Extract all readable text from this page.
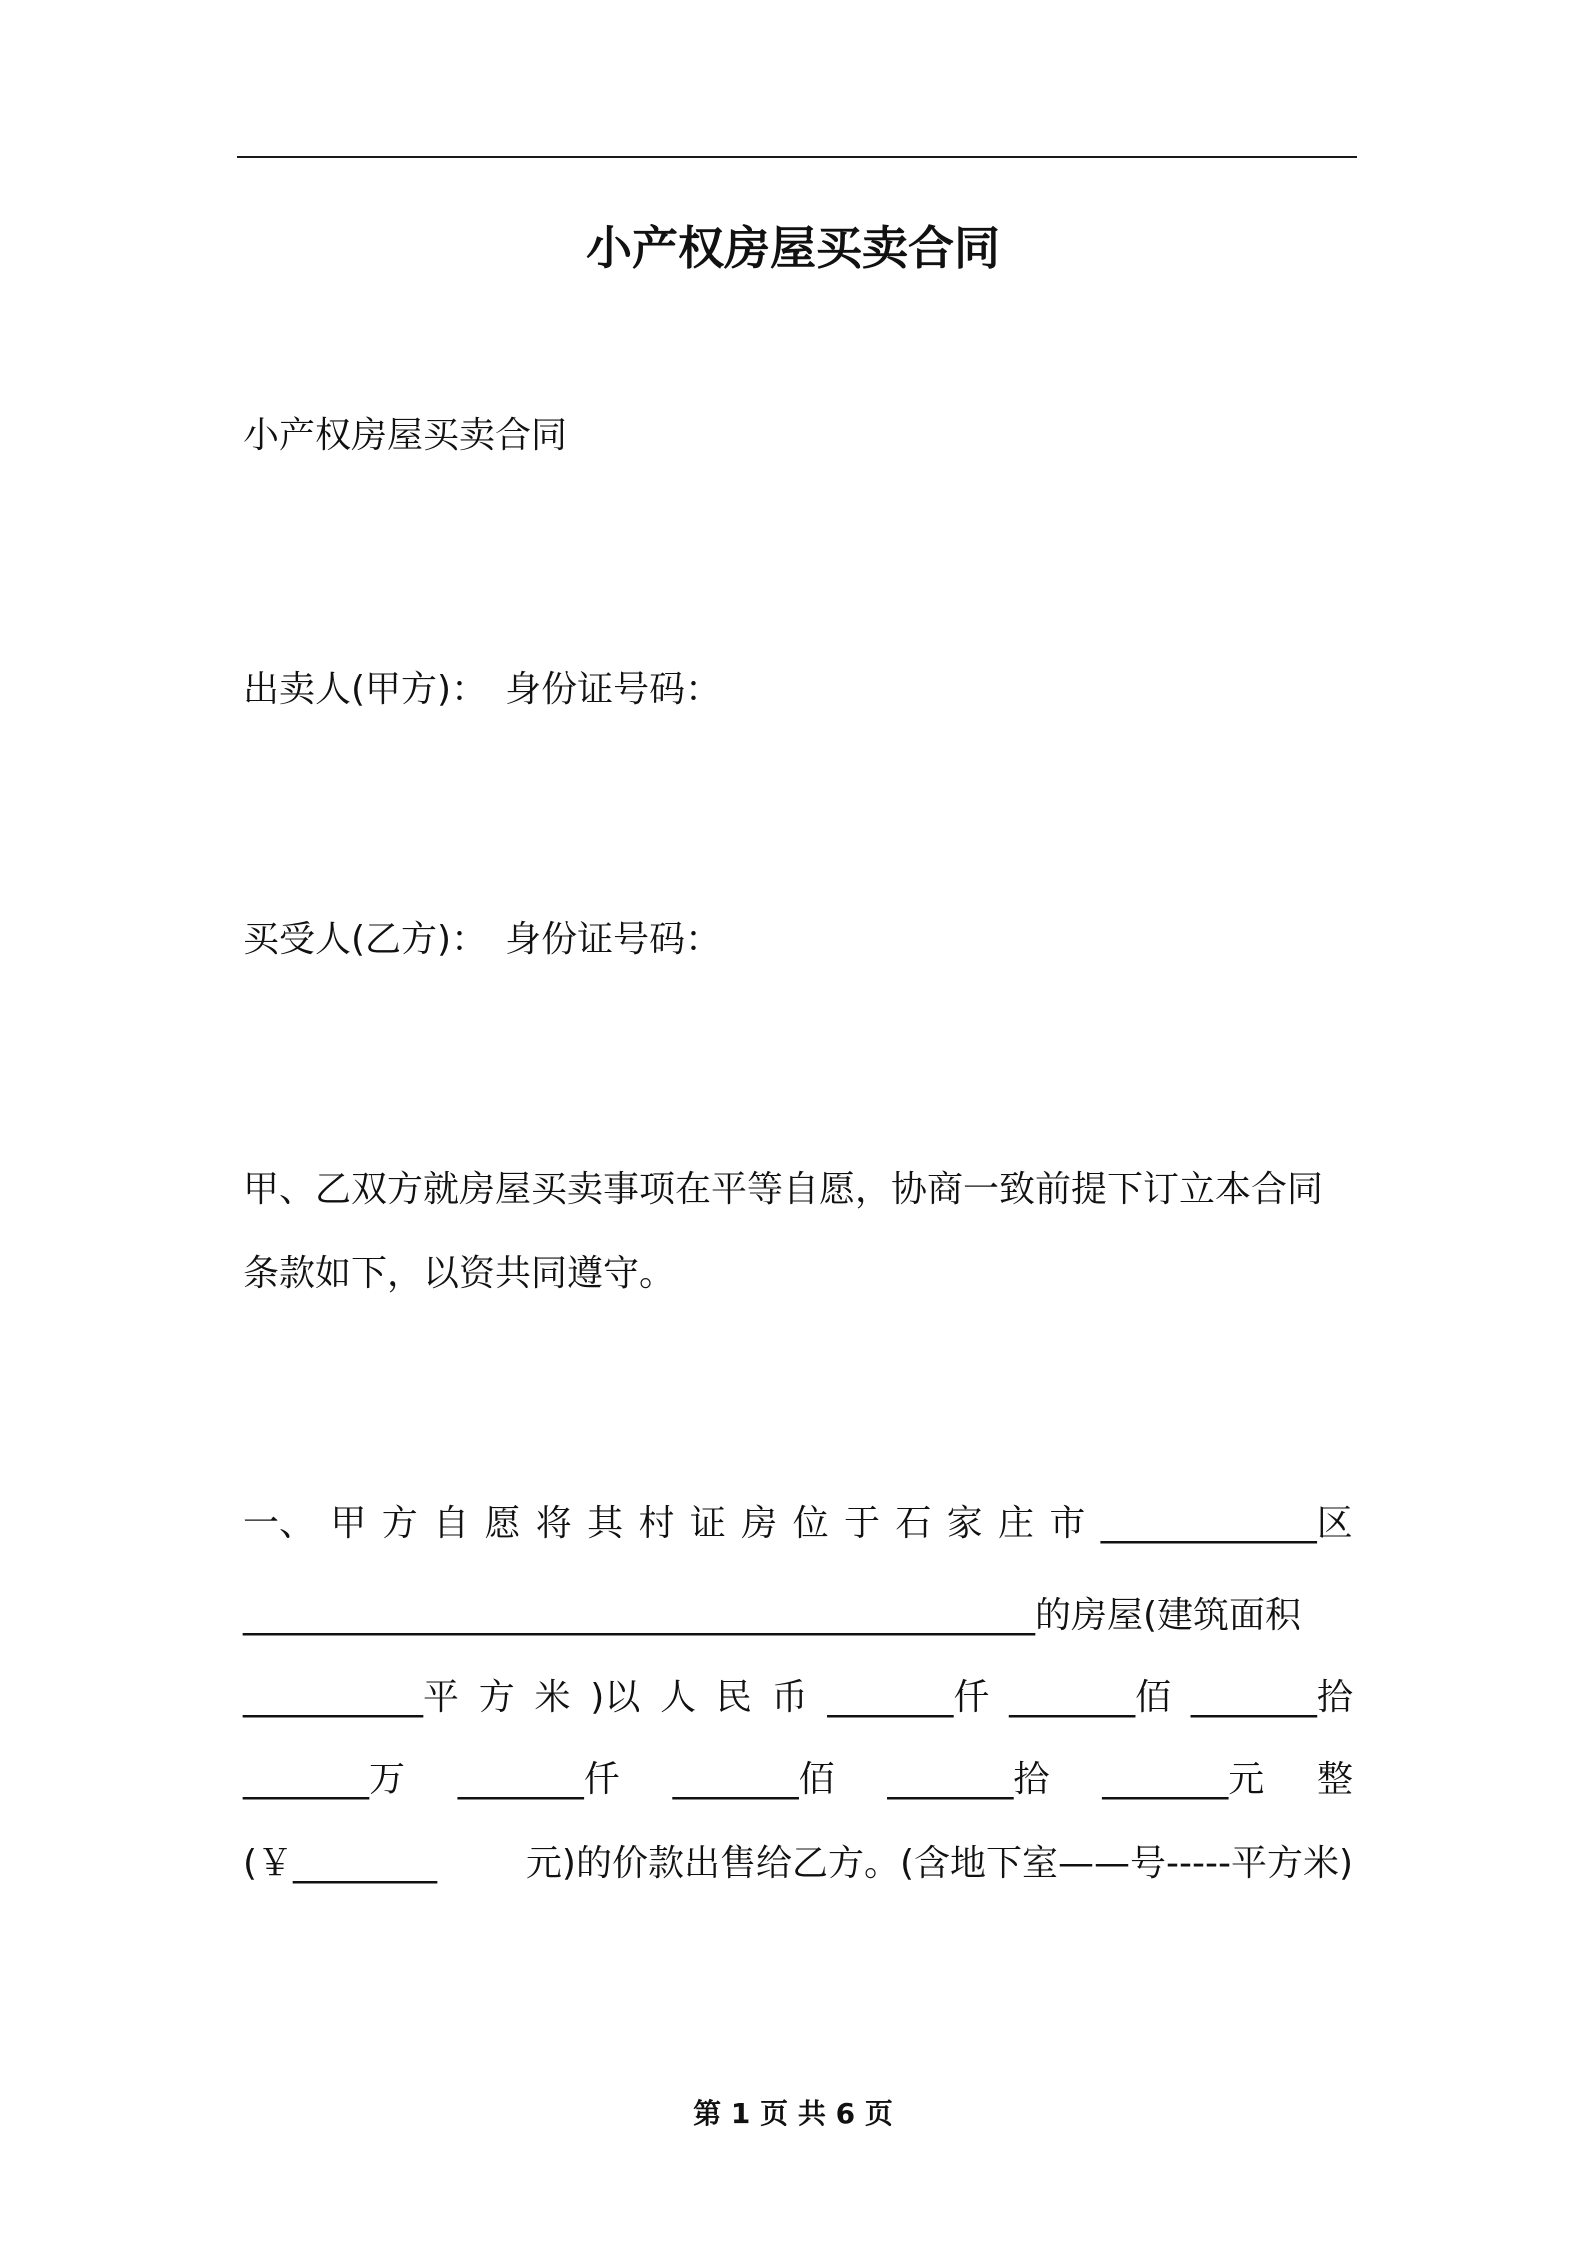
小产权房屋买卖合同
小产权房屋买卖合同
出卖人(甲方)： 身份证号码：
买受人(乙方)： 身份证号码：
甲、乙双方就房屋买卖事项在平等自愿，协商一致前提下订立本合同
条款如下，以资共同遵守。
一、 甲 方 自 愿 将 其 村 证 房 位 于 石 家 庄 市 ____________区
____________________________________________的房屋(建筑面积
__________平 方 米 )以 人 民 币 _______仟 _______佰 _______拾
_______万 _______仟 _______佰 _______拾 _______元 整
(￥________ 元)的价款出售给乙方。(含地下室——号-----平方米)
第 1 页 共 6 页
